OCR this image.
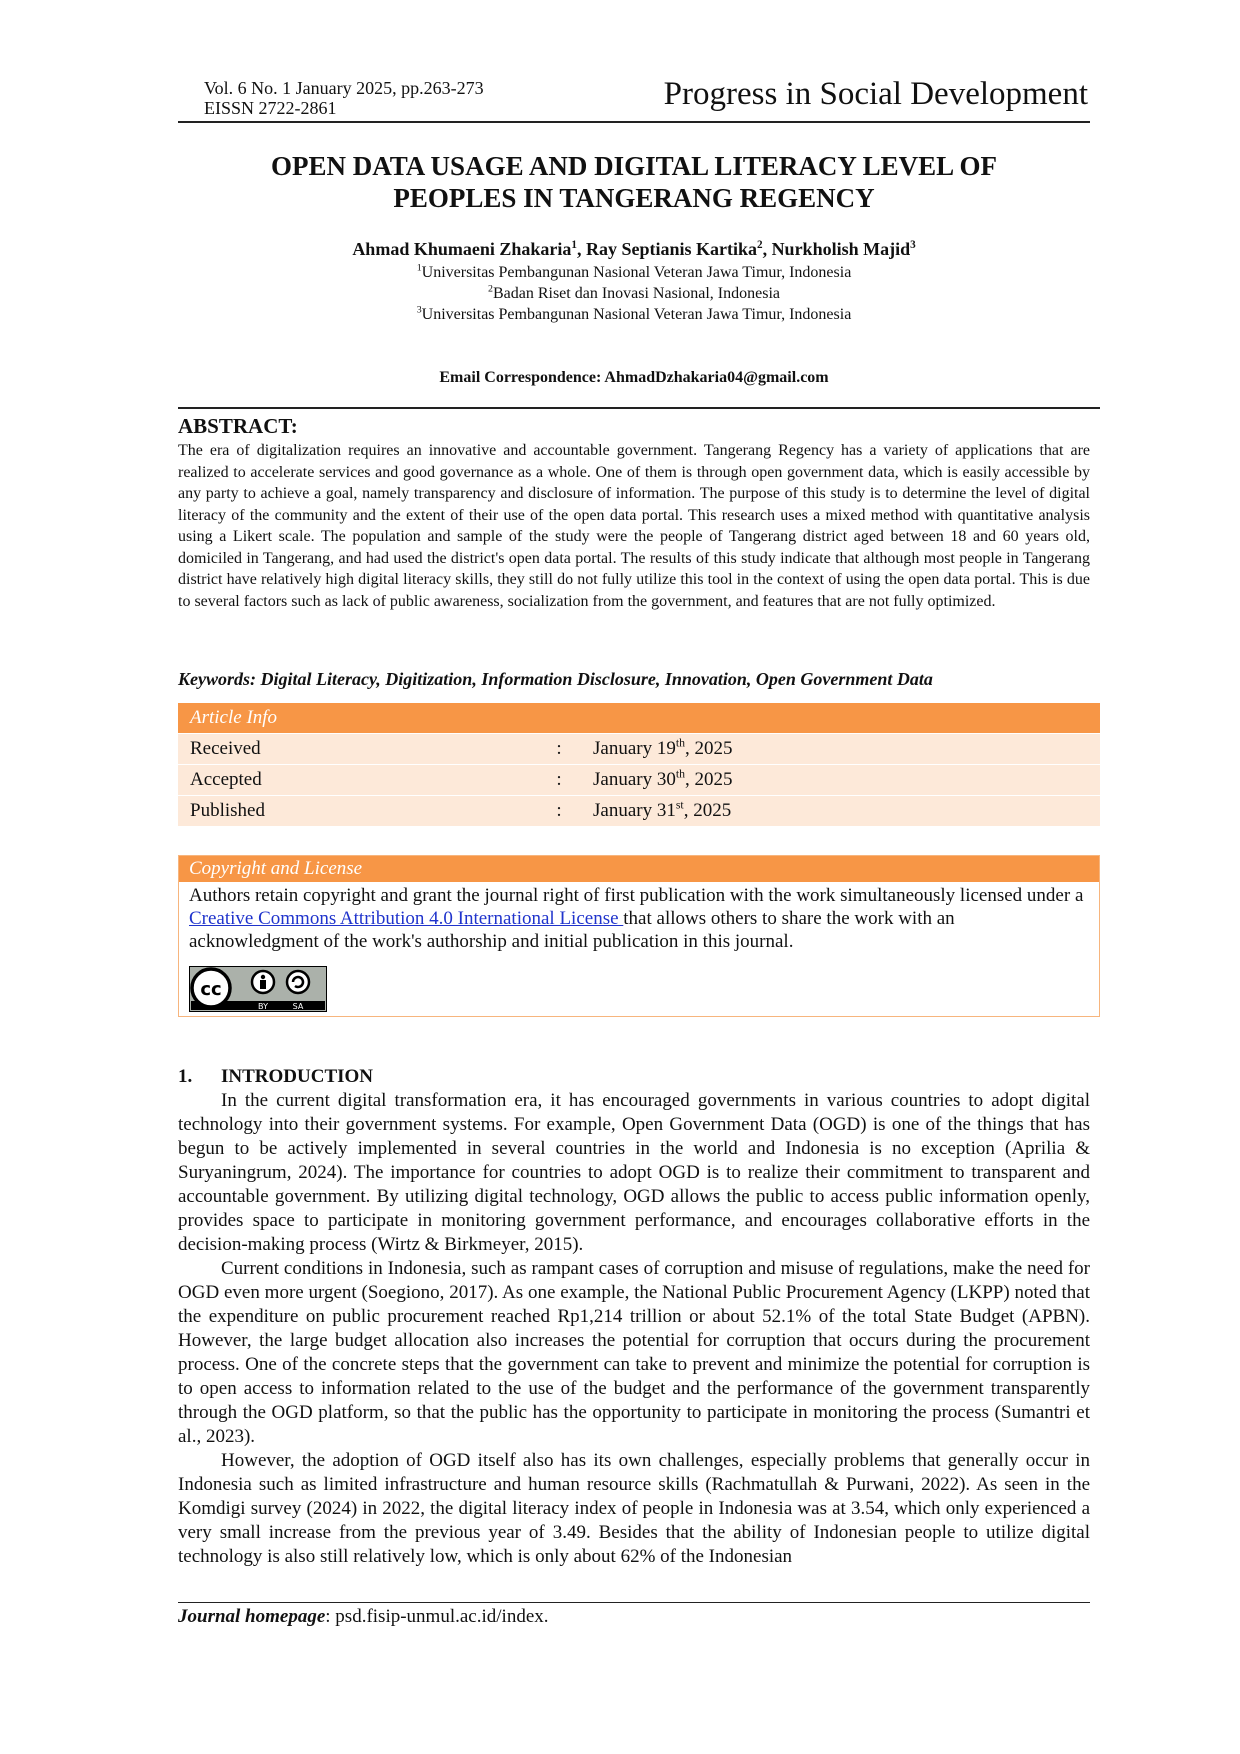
Vol. 6 No. 1 January 2025, pp.263-273
EISSN 2722-2861	Progress in Social Development
OPEN DATA USAGE AND DIGITAL LITERACY LEVEL OF
PEOPLES IN TANGERANG REGENCY
Ahmad Khumaeni Zhakaria$^1$, Ray Septianis Kartika$^2$, Nurkholish Majid$^3$
$^1$Universitas Pembangunan Nasional Veteran Jawa Timur, Indonesia
$^2$Badan Riset dan Inovasi Nasional, Indonesia
$^3$Universitas Pembangunan Nasional Veteran Jawa Timur, Indonesia
Email Correspondence: AhmadDzhakaria04@gmail.com
ABSTRACT:

The era of digitalization requires an innovative and accountable government. Tangerang Regency has a variety of applications that are realized to accelerate services and good governance as a whole. One of them is through open government data, which is easily accessible by any party to achieve a goal, namely transparency and disclosure of information. The purpose of this study is to determine the level of digital literacy of the community and the extent of their use of the open data portal. This research uses a mixed method with quantitative analysis using a Likert scale. The population and sample of the study were the people of Tangerang district aged between 18 and 60 years old, domiciled in Tangerang, and had used the district's open data portal. The results of this study indicate that although most people in Tangerang district have relatively high digital literacy skills, they still do not fully utilize this tool in the context of using the open data portal. This is due to several factors such as lack of public awareness, socialization from the government, and features that are not fully optimized.

Keywords: Digital Literacy, Digitization, Information Disclosure, Innovation, Open Government Data
Article Info		
Received	:	January 19th, 2025
Accepted	:	January 30th, 2025
Published	:	January 31st, 2025
Copyright and License
Authors retain copyright and grant the journal right of first publication with the work simultaneously licensed under a Creative Commons Attribution 4.0 International License that allows others to share the work with an acknowledgment of the work's authorship and initial publication in this journal.
cc
BY	SA
1. INTRODUCTION

In the current digital transformation era, it has encouraged governments in various countries to adopt digital technology into their government systems. For example, Open Government Data (OGD) is one of the things that has begun to be actively implemented in several countries in the world and Indonesia is no exception (Aprilia & Suryaningrum, 2024). The importance for countries to adopt OGD is to realize their commitment to transparent and accountable government. By utilizing digital technology, OGD allows the public to access public information openly, provides space to participate in monitoring government performance, and encourages collaborative efforts in the decision-making process (Wirtz & Birkmeyer, 2015).

Current conditions in Indonesia, such as rampant cases of corruption and misuse of regulations, make the need for OGD even more urgent (Soegiono, 2017). As one example, the National Public Procurement Agency (LKPP) noted that the expenditure on public procurement reached Rp1,214 trillion or about 52.1% of the total State Budget (APBN). However, the large budget allocation also increases the potential for corruption that occurs during the procurement process. One of the concrete steps that the government can take to prevent and minimize the potential for corruption is to open access to information related to the use of the budget and the performance of the government transparently through the OGD platform, so that the public has the opportunity to participate in monitoring the process (Sumantri et al., 2023).

However, the adoption of OGD itself also has its own challenges, especially problems that generally occur in Indonesia such as limited infrastructure and human resource skills (Rachmatullah & Purwani, 2022). As seen in the Komdigi survey (2024) in 2022, the digital literacy index of people in Indonesia was at 3.54, which only experienced a very small increase from the previous year of 3.49. Besides that the ability of Indonesian people to utilize digital technology is also still relatively low, which is only about 62% of the Indonesian

Journal homepage: psd.fisip-unmul.ac.id/index.
